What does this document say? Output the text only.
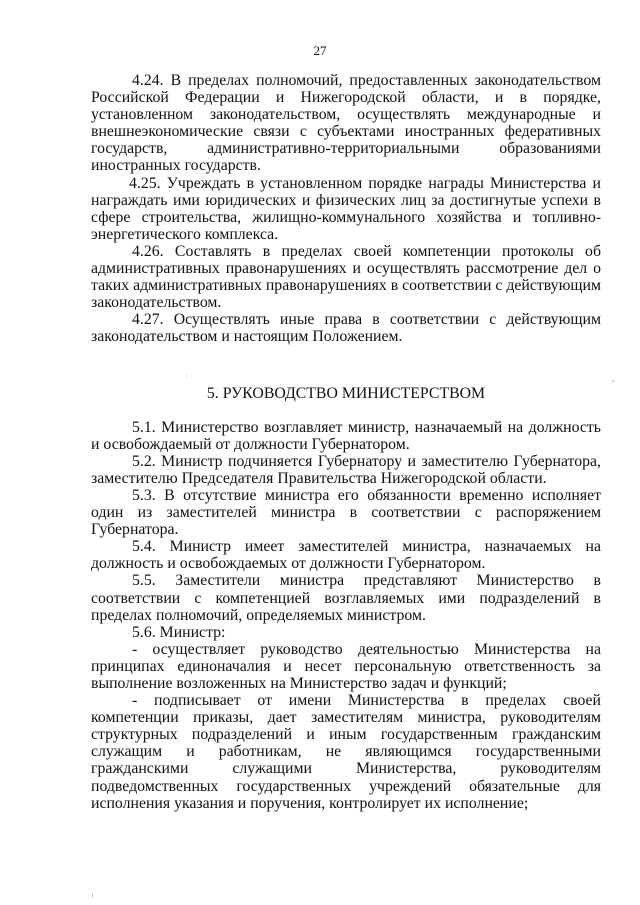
27

4.24. В пределах полномочий, предоставленных законодательством Российской Федерации и Нижегородской области, и в порядке, установленном законодательством, осуществлять международные и внешнеэкономические связи с субъектами иностранных федеративных государств, административно-территориальными образованиями иностранных государств.

4.25. Учреждать в установленном порядке награды Министерства и награждать ими юридических и физических лиц за достигнутые успехи в сфере строительства, жилищно-коммунального хозяйства и топливно-энергетического комплекса.

4.26. Составлять в пределах своей компетенции протоколы об административных правонарушениях и осуществлять рассмотрение дел о таких административных правонарушениях в соответствии с действующим законодательством.

4.27. Осуществлять иные права в соответствии с действующим законодательством и настоящим Положением.

5. РУКОВОДСТВО МИНИСТЕРСТВОМ

5.1. Министерство возглавляет министр, назначаемый на должность и освобождаемый от должности Губернатором.

5.2. Министр подчиняется Губернатору и заместителю Губернатора, заместителю Председателя Правительства Нижегородской области.

5.3. В отсутствие министра его обязанности временно исполняет один из заместителей министра в соответствии с распоряжением Губернатора.

5.4. Министр имеет заместителей министра, назначаемых на должность и освобождаемых от должности Губернатором.

5.5. Заместители министра представляют Министерство в соответствии с компетенцией возглавляемых ими подразделений в пределах полномочий, определяемых министром.

5.6. Министр:

- осуществляет руководство деятельностью Министерства на принципах единоначалия и несет персональную ответственность за выполнение возложенных на Министерство задач и функций;

- подписывает от имени Министерства в пределах своей компетенции приказы, дает заместителям министра, руководителям структурных подразделений и иным государственным гражданским служащим и работникам, не являющимся государственными гражданскими служащими Министерства, руководителям подведомственных государственных учреждений обязательные для исполнения указания и поручения, контролирует их исполнение;
